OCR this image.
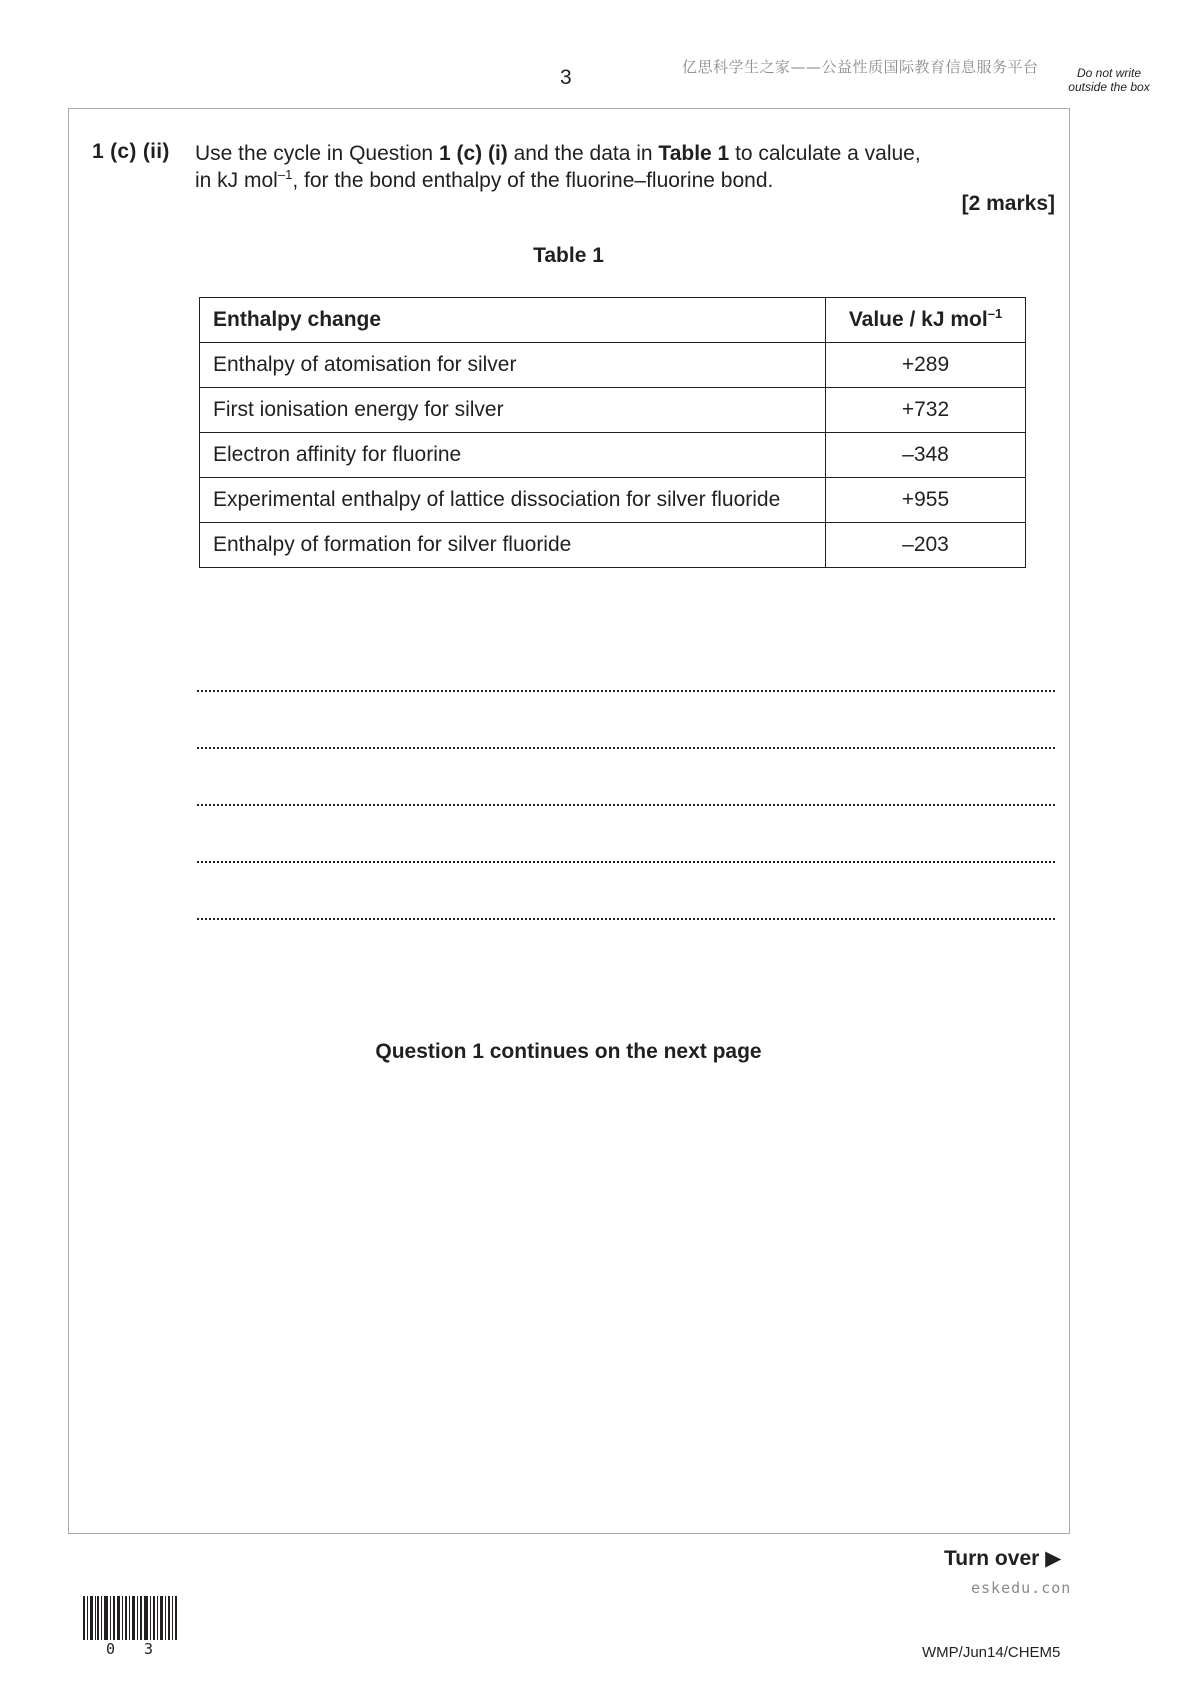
3	亿思科学生之家——公益性质国际教育信息服务平台	Do not write outside the box
1 (c) (ii) Use the cycle in Question 1 (c) (i) and the data in Table 1 to calculate a value,
in kJ mol$^{-1}$, for the bond enthalpy of the fluorine–fluorine bond.
[2 marks]
Table 1
Enthalpy change	Value / kJ mol$^{-1}$
Enthalpy of atomisation for silver	+289
First ionisation energy for silver	+732
Electron affinity for fluorine	–348
Experimental enthalpy of lattice dissociation for silver fluoride	+955
Enthalpy of formation for silver fluoride	–203
Question 1 continues on the next page
Turn over ▶
eskedu.con
0 3	WMP/Jun14/CHEM5
